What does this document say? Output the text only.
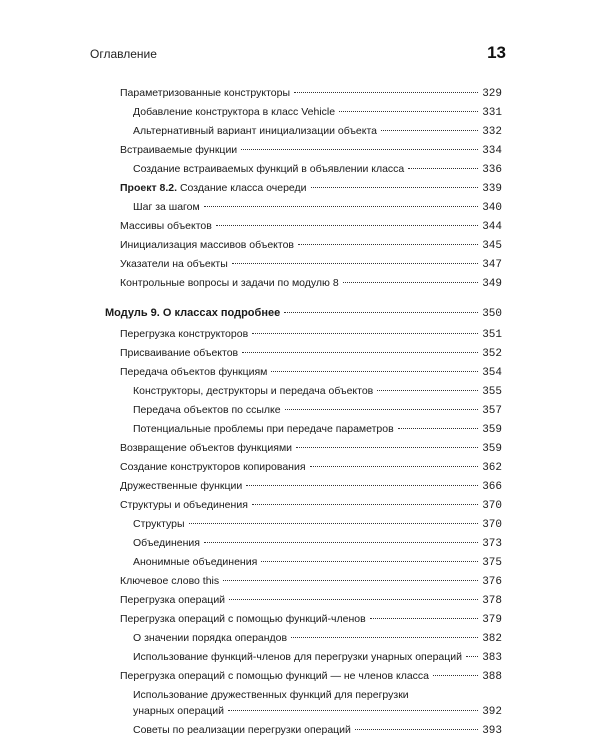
Оглавление	13
Параметризованные конструкторы	329
Добавление конструктора в класс Vehicle	331
Альтернативный вариант инициализации объекта	332
Встраиваемые функции	334
Создание встраиваемых функций в объявлении класса	336
Проект 8.2. Создание класса очереди	339
Шаг за шагом	340
Массивы объектов	344
Инициализация массивов объектов	345
Указатели на объекты	347
Контрольные вопросы и задачи по модулю 8	349
Модуль 9. О классах подробнее	350
Перегрузка конструкторов	351
Присваивание объектов	352
Передача объектов функциям	354
Конструкторы, деструкторы и передача объектов	355
Передача объектов по ссылке	357
Потенциальные проблемы при передаче параметров	359
Возвращение объектов функциями	359
Создание конструкторов копирования	362
Дружественные функции	366
Структуры и объединения	370
Структуры	370
Объединения	373
Анонимные объединения	375
Ключевое слово this	376
Перегрузка операций	378
Перегрузка операций с помощью функций-членов	379
О значении порядка операндов	382
Использование функций-членов для перегрузки унарных операций 383
Перегрузка операций с помощью функций — не членов класса	388
Использование дружественных функций для перегрузки
унарных операций	392
Советы по реализации перегрузки операций	393
